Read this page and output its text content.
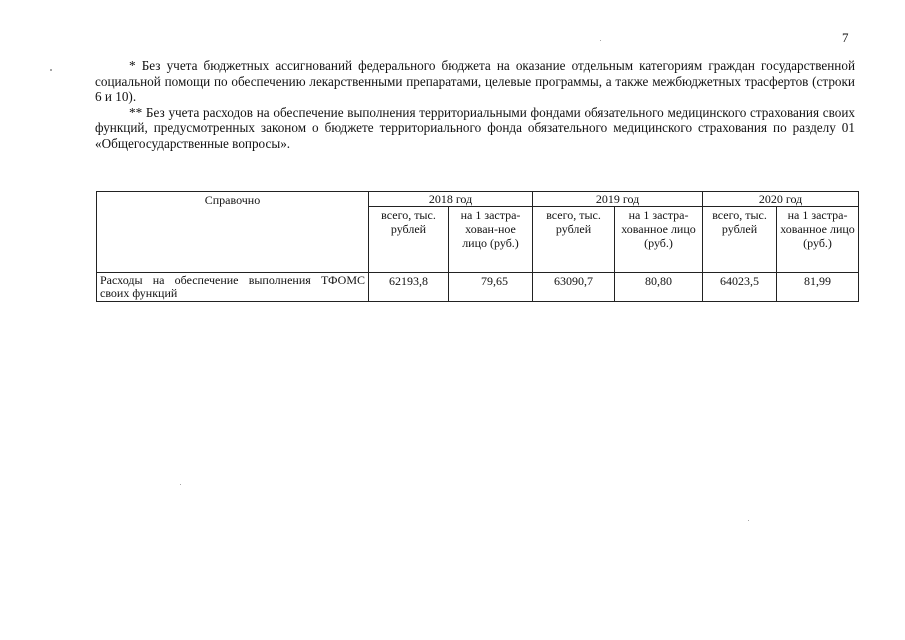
7

* Без учета бюджетных ассигнований федерального бюджета на оказание отдельным категориям граждан государственной социальной помощи по обеспечению лекарственными препаратами, целевые программы, а также межбюджетных трасфертов (строки 6 и 10).

** Без учета расходов на обеспечение выполнения территориальными фондами обязательного медицинского страхования своих функций, предусмотренных законом о бюджете территориального фонда обязательного медицинского страхования по разделу 01 «Общегосударственные вопросы».

Справочно	2018 год		2019 год		2020 год	
	всего, тыс. рублей	на 1 застра-хован-ное лицо (руб.)	всего, тыс. рублей	на 1 застра-хованное лицо (руб.)	всего, тыс. рублей	на 1 застра-хованное лицо (руб.)
Расходы на обеспечение выполнения ТФОМС своих функций	62193,8	79,65	63090,7	80,80	64023,5	81,99
